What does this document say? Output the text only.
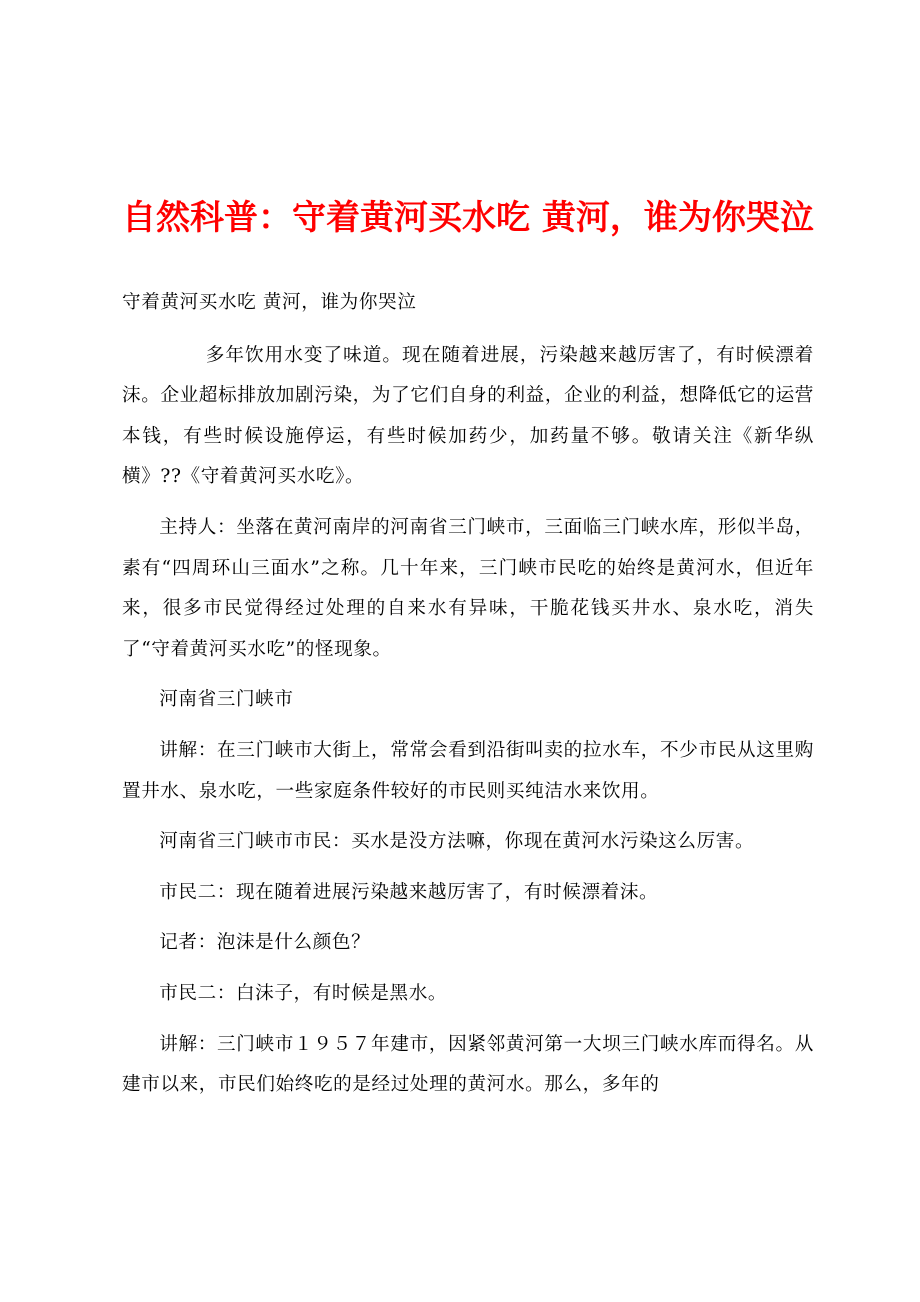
自然科普：守着黄河买水吃 黄河，谁为你哭泣

守着黄河买水吃 黄河，谁为你哭泣

多年饮用水变了味道。现在随着进展，污染越来越厉害了，有时候漂着沫。企业超标排放加剧污染，为了它们自身的利益，企业的利益，想降低它的运营本钱，有些时候设施停运，有些时候加药少，加药量不够。敬请关注《新华纵横》??《守着黄河买水吃》。

主持人：坐落在黄河南岸的河南省三门峡市，三面临三门峡水库，形似半岛，素有“四周环山三面水”之称。几十年来，三门峡市民吃的始终是黄河水，但近年来，很多市民觉得经过处理的自来水有异味，干脆花钱买井水、泉水吃，消失了“守着黄河买水吃”的怪现象。

河南省三门峡市

讲解：在三门峡市大街上，常常会看到沿街叫卖的拉水车，不少市民从这里购置井水、泉水吃，一些家庭条件较好的市民则买纯洁水来饮用。

河南省三门峡市市民：买水是没方法嘛，你现在黄河水污染这么厉害。

市民二：现在随着进展污染越来越厉害了，有时候漂着沫。

记者：泡沫是什么颜色？

市民二：白沫子，有时候是黑水。

讲解：三门峡市１９５７年建市，因紧邻黄河第一大坝三门峡水库而得名。从建市以来，市民们始终吃的是经过处理的黄河水。那么，多年的
